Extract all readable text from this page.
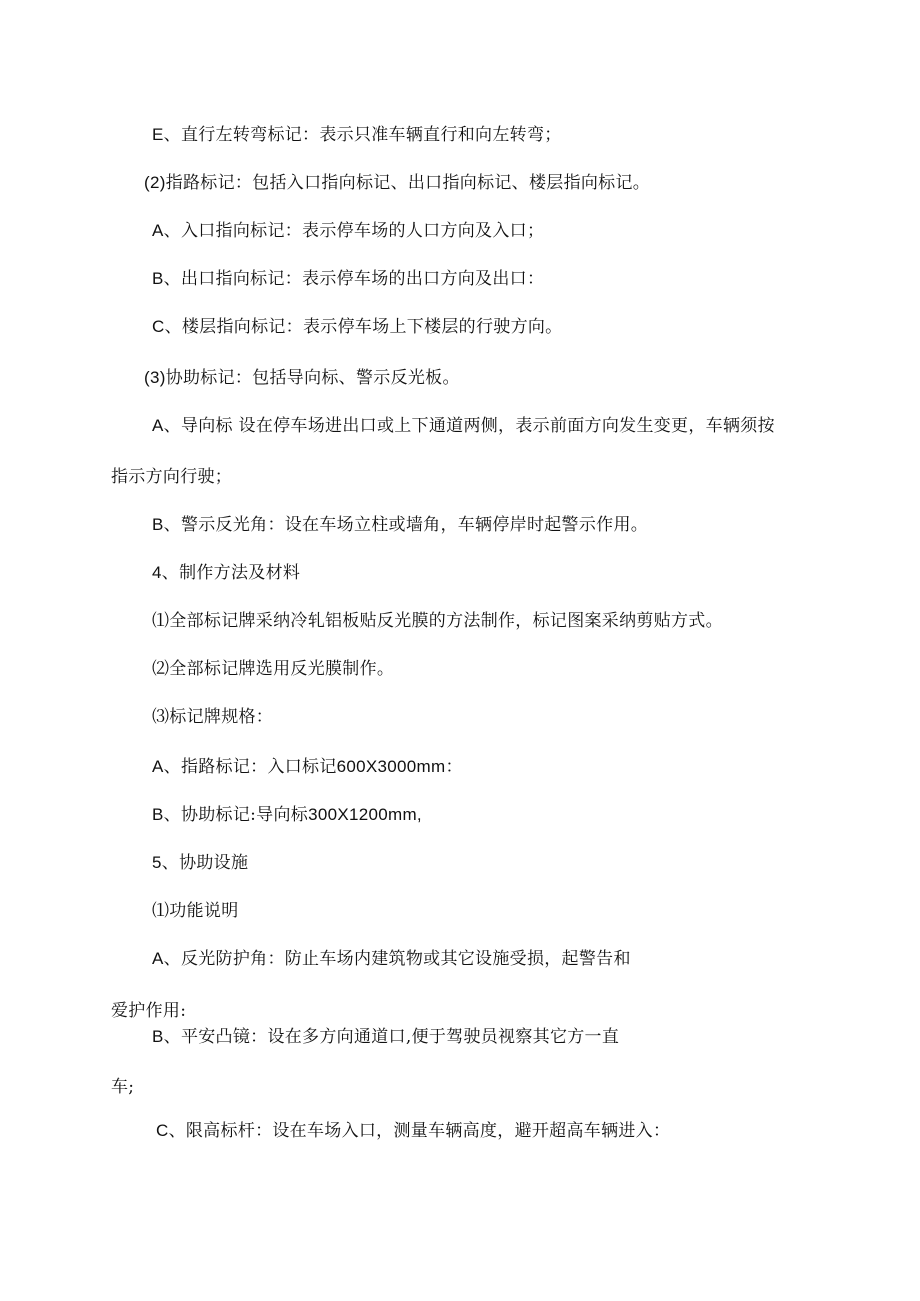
E、直行左转弯标记：表示只准车辆直行和向左转弯；
(2)指路标记：包括入口指向标记、出口指向标记、楼层指向标记。
A、入口指向标记：表示停车场的人口方向及入口；
B、出口指向标记：表示停车场的出口方向及出口：
C、楼层指向标记：表示停车场上下楼层的行驶方向。
(3)协助标记：包括导向标、警示反光板。
A、导向标 设在停车场进出口或上下通道两侧，表示前面方向发生变更，车辆须按
指示方向行驶；
B、警示反光角：设在车场立柱或墙角，车辆停岸时起警示作用。
4、制作方法及材料
⑴全部标记牌采纳冷轧铝板贴反光膜的方法制作，标记图案采纳剪贴方式。
⑵全部标记牌选用反光膜制作。
⑶标记牌规格：
A、指路标记：入口标记600X3000mm：
B、协助标记:导向标300X1200mm,
5、协助设施
⑴功能说明
A、反光防护角：防止车场内建筑物或其它设施受损，起警告和
爱护作用:
B、平安凸镜：设在多方向通道口,便于驾驶员视察其它方一直
车;
C、限高标杆：设在车场入口，测量车辆高度，避开超高车辆进入：
